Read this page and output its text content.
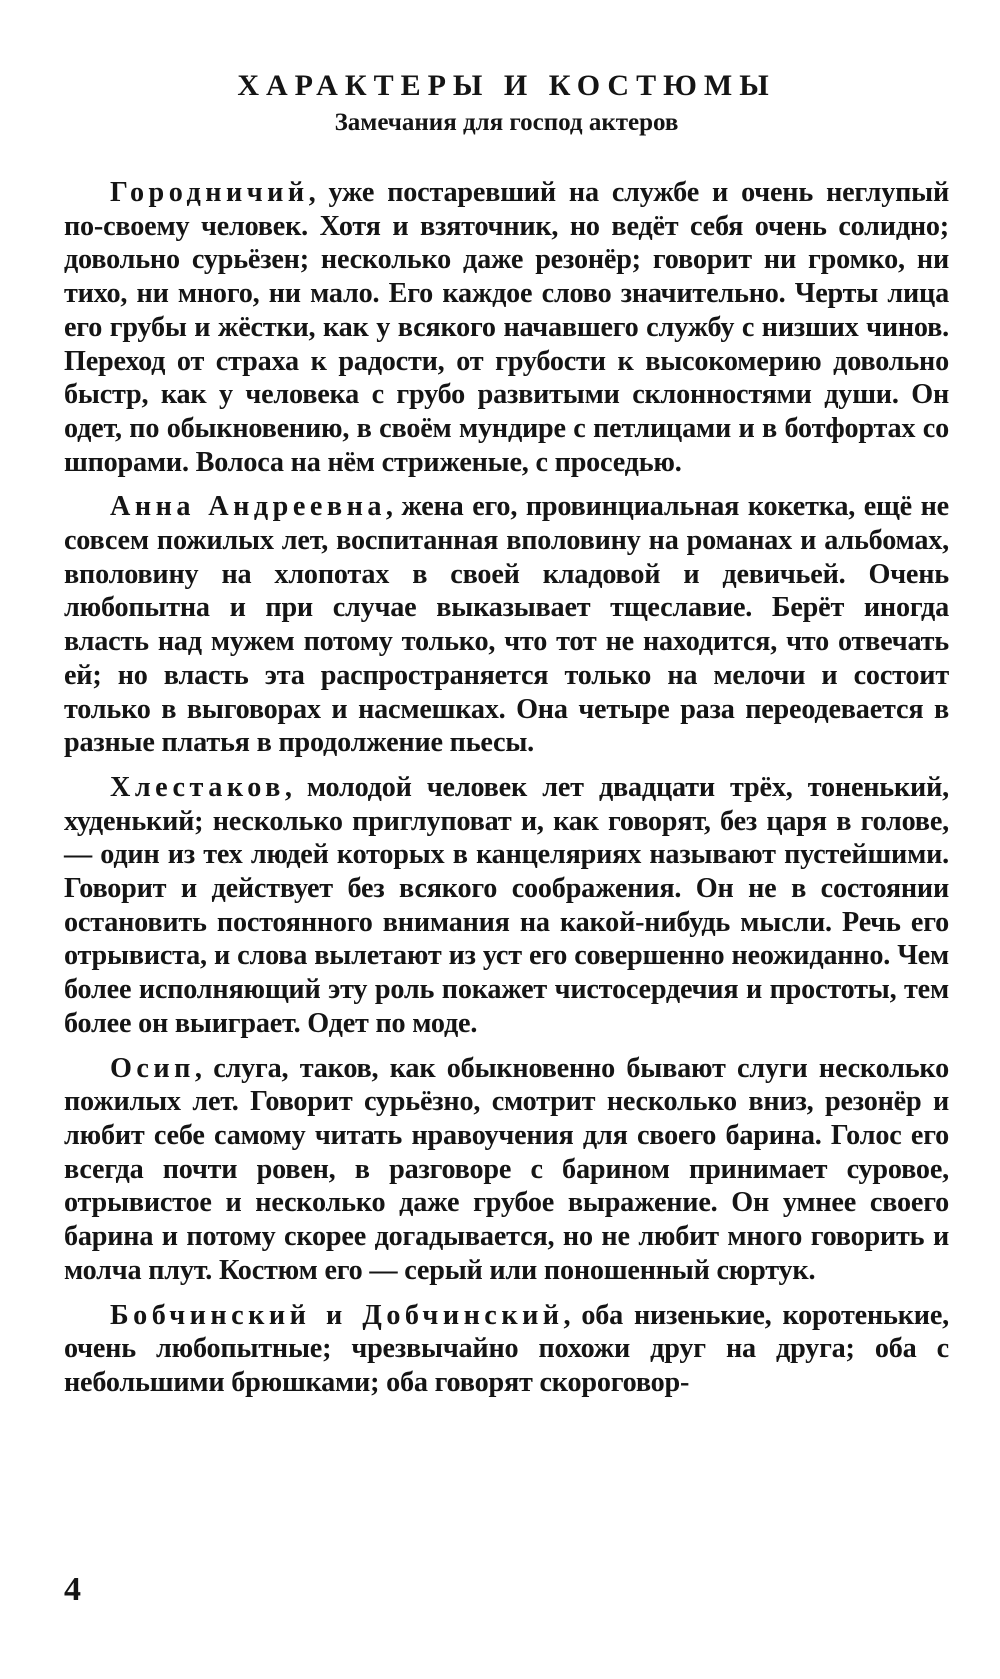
ХАРАКТЕРЫ И КОСТЮМЫ
Замечания для господ актеров

Городничий, уже постаревший на службе и очень неглупый по-своему человек. Хотя и взяточник, но ведёт себя очень солидно; довольно сурьёзен; несколько даже резонёр; говорит ни громко, ни тихо, ни много, ни мало. Его каждое слово значительно. Черты лица его грубы и жёстки, как у всякого начавшего службу с низших чинов. Переход от страха к радости, от грубости к высокомерию довольно быстр, как у человека с грубо развитыми склонностями души. Он одет, по обыкновению, в своём мундире с петлицами и в ботфортах со шпорами. Волоса на нём стриженые, с проседью.

Анна Андреевна, жена его, провинциальная кокетка, ещё не совсем пожилых лет, воспитанная вполовину на романах и альбомах, вполовину на хлопотах в своей кладовой и девичьей. Очень любопытна и при случае выказывает тщеславие. Берёт иногда власть над мужем потому только, что тот не находится, что отвечать ей; но власть эта распространяется только на мелочи и состоит только в выговорах и насмешках. Она четыре раза переодевается в разные платья в продолжение пьесы.

Хлестаков, молодой человек лет двадцати трёх, тоненький, худенький; несколько приглуповат и, как говорят, без царя в голове, — один из тех людей которых в канцеляриях называют пустейшими. Говорит и действует без всякого соображения. Он не в состоянии остановить постоянного внимания на какой-нибудь мысли. Речь его отрывиста, и слова вылетают из уст его совершенно неожиданно. Чем более исполняющий эту роль покажет чистосердечия и простоты, тем более он выиграет. Одет по моде.

Осип, слуга, таков, как обыкновенно бывают слуги несколько пожилых лет. Говорит сурьёзно, смотрит несколько вниз, резонёр и любит себе самому читать нравоучения для своего барина. Голос его всегда почти ровен, в разговоре с барином принимает суровое, отрывистое и несколько даже грубое выражение. Он умнее своего барина и потому скорее догадывается, но не любит много говорить и молча плут. Костюм его — серый или поношенный сюртук.

Бобчинский и Добчинский, оба низенькие, коротенькие, очень любопытные; чрезвычайно похожи друг на друга; оба с небольшими брюшками; оба говорят скороговор-

4
